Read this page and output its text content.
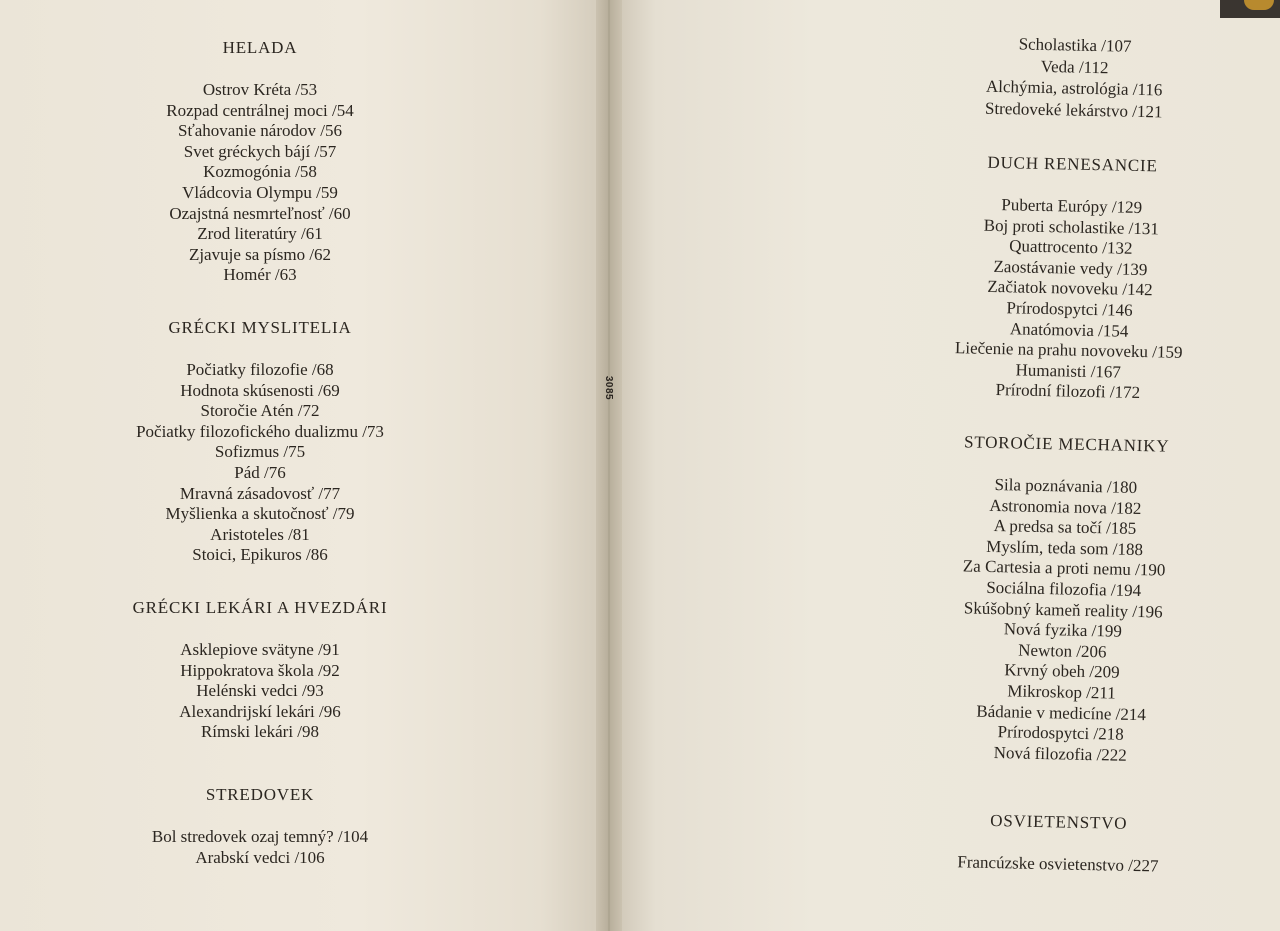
HELADA
Ostrov Kréta /53
Rozpad centrálnej moci /54
Sťahovanie národov /56
Svet gréckych bájí /57
Kozmogónia /58
Vládcovia Olympu /59
Ozajstná nesmrteľnosť /60
Zrod literatúry /61
Zjavuje sa písmo /62
Homér /63
GRÉCKI MYSLITELIA
Počiatky filozofie /68
Hodnota skúsenosti /69
Storočie Atén /72
Počiatky filozofického dualizmu /73
Sofizmus /75
Pád /76
Mravná zásadovosť /77
Myšlienka a skutočnosť /79
Aristoteles /81
Stoici, Epikuros /86
GRÉCKI LEKÁRI A HVEZDÁRI
Asklepiove svätyne /91
Hippokratova škola /92
Helénski vedci /93
Alexandrijskí lekári /96
Rímski lekári /98
STREDOVEK
Bol stredovek ozaj temný? /104
Arabskí vedci /106
Scholastika /107
Veda /112
Alchýmia, astrológia /116
Stredoveké lekárstvo /121
DUCH RENESANCIE
Puberta Európy /129
Boj proti scholastike /131
Quattrocento /132
Zaostávanie vedy /139
Začiatok novoveku /142
Prírodospytci /146
Anatómovia /154
Liečenie na prahu novoveku /159
Humanisti /167
Prírodní filozofi /172
STOROČIE MECHANIKY
Sila poznávania /180
Astronomia nova /182
A predsa sa točí /185
Myslím, teda som /188
Za Cartesia a proti nemu /190
Sociálna filozofia /194
Skúšobný kameň reality /196
Nová fyzika /199
Newton /206
Krvný obeh /209
Mikroskop /211
Bádanie v medicíne /214
Prírodospytci /218
Nová filozofia /222
OSVIETENSTVO
Francúzske osvietenstvo /227
3085
